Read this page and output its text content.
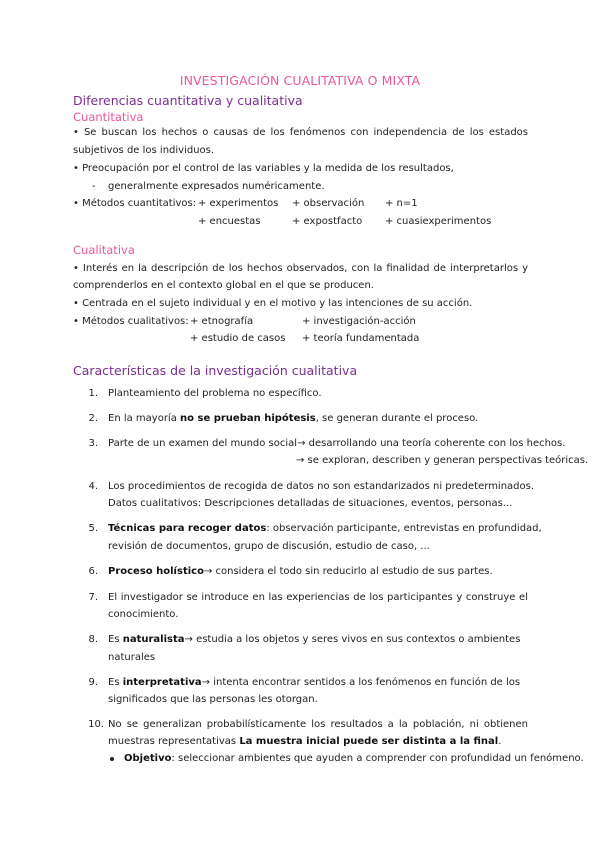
INVESTIGACIÓN CUALITATIVA O MIXTA
Diferencias cuantitativa y cualitativa
Cuantitativa
• Se buscan los hechos o causas de los fenómenos con independencia de los estados
subjetivos de los individuos.
• Preocupación por el control de las variables y la medida de los resultados,
- generalmente expresados numéricamente.
• Métodos cuantitativos: + experimentos + observación + n=1
+ encuestas	+ expostfacto + cuasiexperimentos
Cualitativa
• Interés en la descripción de los hechos observados, con la finalidad de interpretarlos y
comprenderlos en el contexto global en el que se producen.
• Centrada en el sujeto individual y en el motivo y las intenciones de su acción.
• Métodos cualitativos: + etnografía	+ investigación-acción
+ estudio de casos + teoría fundamentada
Características de la investigación cualitativa
1. Planteamiento del problema no específico.
2. En la mayoría no se prueban hipótesis, se generan durante el proceso.
3. Parte de un examen del mundo social→ desarrollando una teoría coherente con los hechos.
→ se exploran, describen y generan perspectivas teóricas.
4. Los procedimientos de recogida de datos no son estandarizados ni predeterminados.
Datos cualitativos: Descripciones detalladas de situaciones, eventos, personas...
5. Técnicas para recoger datos: observación participante, entrevistas en profundidad,
revisión de documentos, grupo de discusión, estudio de caso, ...
6. Proceso holístico→ considera el todo sin reducirlo al estudio de sus partes.
7. El investigador se introduce en las experiencias de los participantes y construye el
conocimiento.
8. Es naturalista→ estudia a los objetos y seres vivos en sus contextos o ambientes
naturales
9. Es interpretativa→ intenta encontrar sentidos a los fenómenos en función de los
significados que las personas les otorgan.
10. No se generalizan probabilísticamente los resultados a la población, ni obtienen
muestras representativas La muestra inicial puede ser distinta a la final.
Objetivo: seleccionar ambientes que ayuden a comprender con profundidad un fenómeno.
